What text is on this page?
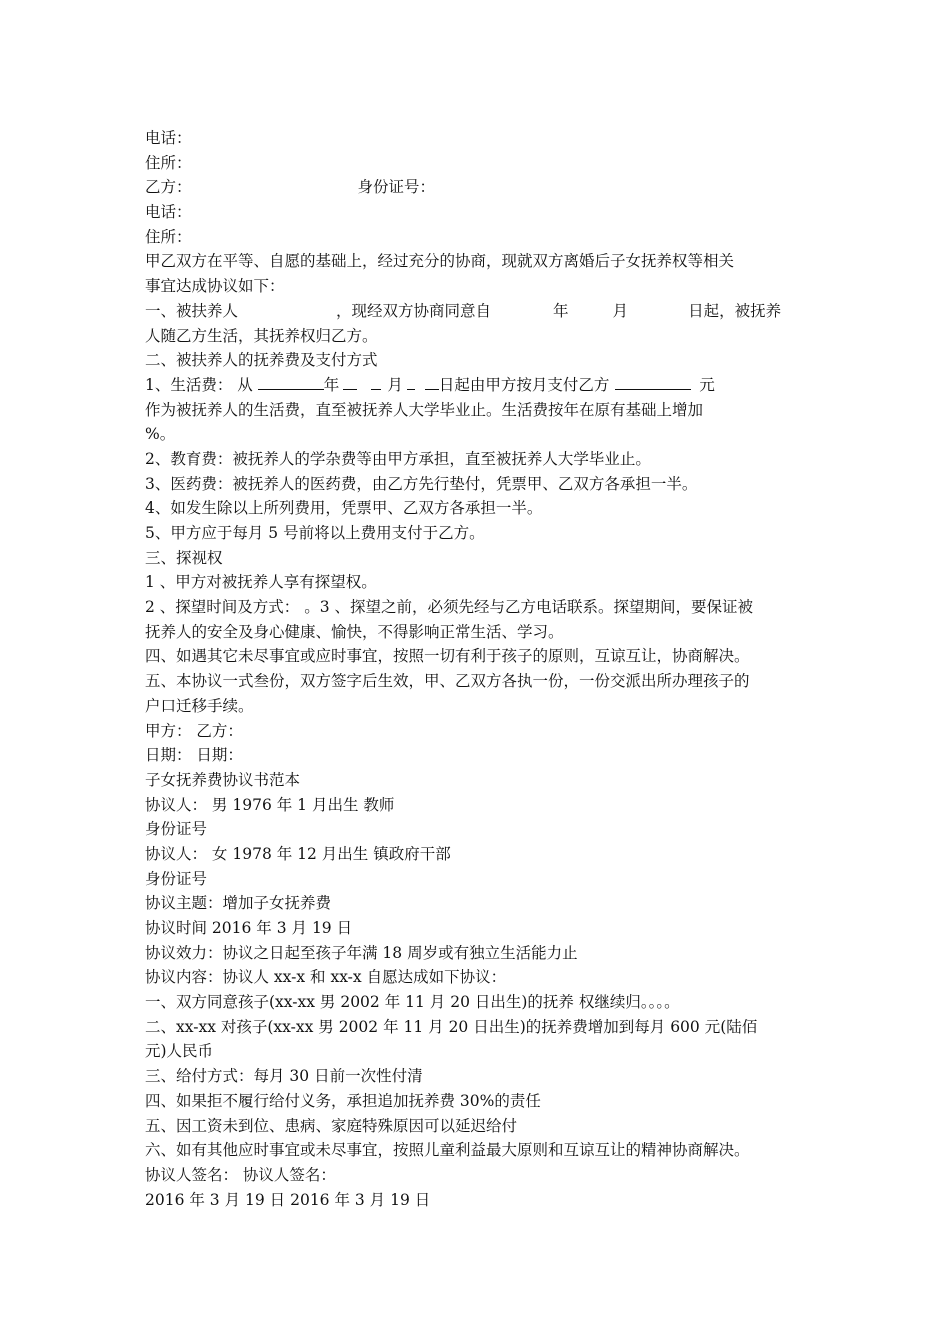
电话：
住所：
乙方：	身份证号：
电话：
住所：
甲乙双方在平等、自愿的基础上，经过充分的协商，现就双方离婚后子女抚养权等相关
事宜达成协议如下：
一、被扶养人	，现经双方协商同意自	年	月	日起，被抚养
人随乙方生活，其抚养权归乙方。
二、被扶养人的抚养费及支付方式
1、生活费： 从	年	月 日起由甲方按月支付乙方	元
作为被抚养人的生活费，直至被抚养人大学毕业止。生活费按年在原有基础上增加
%。
2、教育费：被抚养人的学杂费等由甲方承担，直至被抚养人大学毕业止。
3、医药费：被抚养人的医药费，由乙方先行垫付，凭票甲、乙双方各承担一半。
4、如发生除以上所列费用，凭票甲、乙双方各承担一半。
5、甲方应于每月 5 号前将以上费用支付于乙方。
三、探视权
1 、甲方对被抚养人享有探望权。
2 、探望时间及方式： 。3 、探望之前，必须先经与乙方电话联系。探望期间，要保证被
抚养人的安全及身心健康、愉快，不得影响正常生活、学习。
四、如遇其它未尽事宜或应时事宜，按照一切有利于孩子的原则，互谅互让，协商解决。
五、本协议一式叁份，双方签字后生效，甲、乙双方各执一份，一份交派出所办理孩子的
户口迁移手续。
甲方： 乙方：
日期： 日期：
子女抚养费协议书范本
协议人： 男 1976 年 1 月出生 教师
身份证号
协议人： 女 1978 年 12 月出生 镇政府干部
身份证号
协议主题：增加子女抚养费
协议时间 2016 年 3 月 19 日
协议效力：协议之日起至孩子年满 18 周岁或有独立生活能力止
协议内容：协议人 xx-x 和 xx-x 自愿达成如下协议：
一、双方同意孩子(xx-xx 男 2002 年 11 月 20 日出生)的抚养 权继续归。。。。
二、xx-xx 对孩子(xx-xx 男 2002 年 11 月 20 日出生)的抚养费增加到每月 600 元(陆佰
元)人民币
三、给付方式：每月 30 日前一次性付清
四、如果拒不履行给付义务，承担追加抚养费 30%的责任
五、因工资未到位、患病、家庭特殊原因可以延迟给付
六、如有其他应时事宜或未尽事宜，按照儿童利益最大原则和互谅互让的精神协商解决。
协议人签名： 协议人签名：
2016 年 3 月 19 日 2016 年 3 月 19 日
